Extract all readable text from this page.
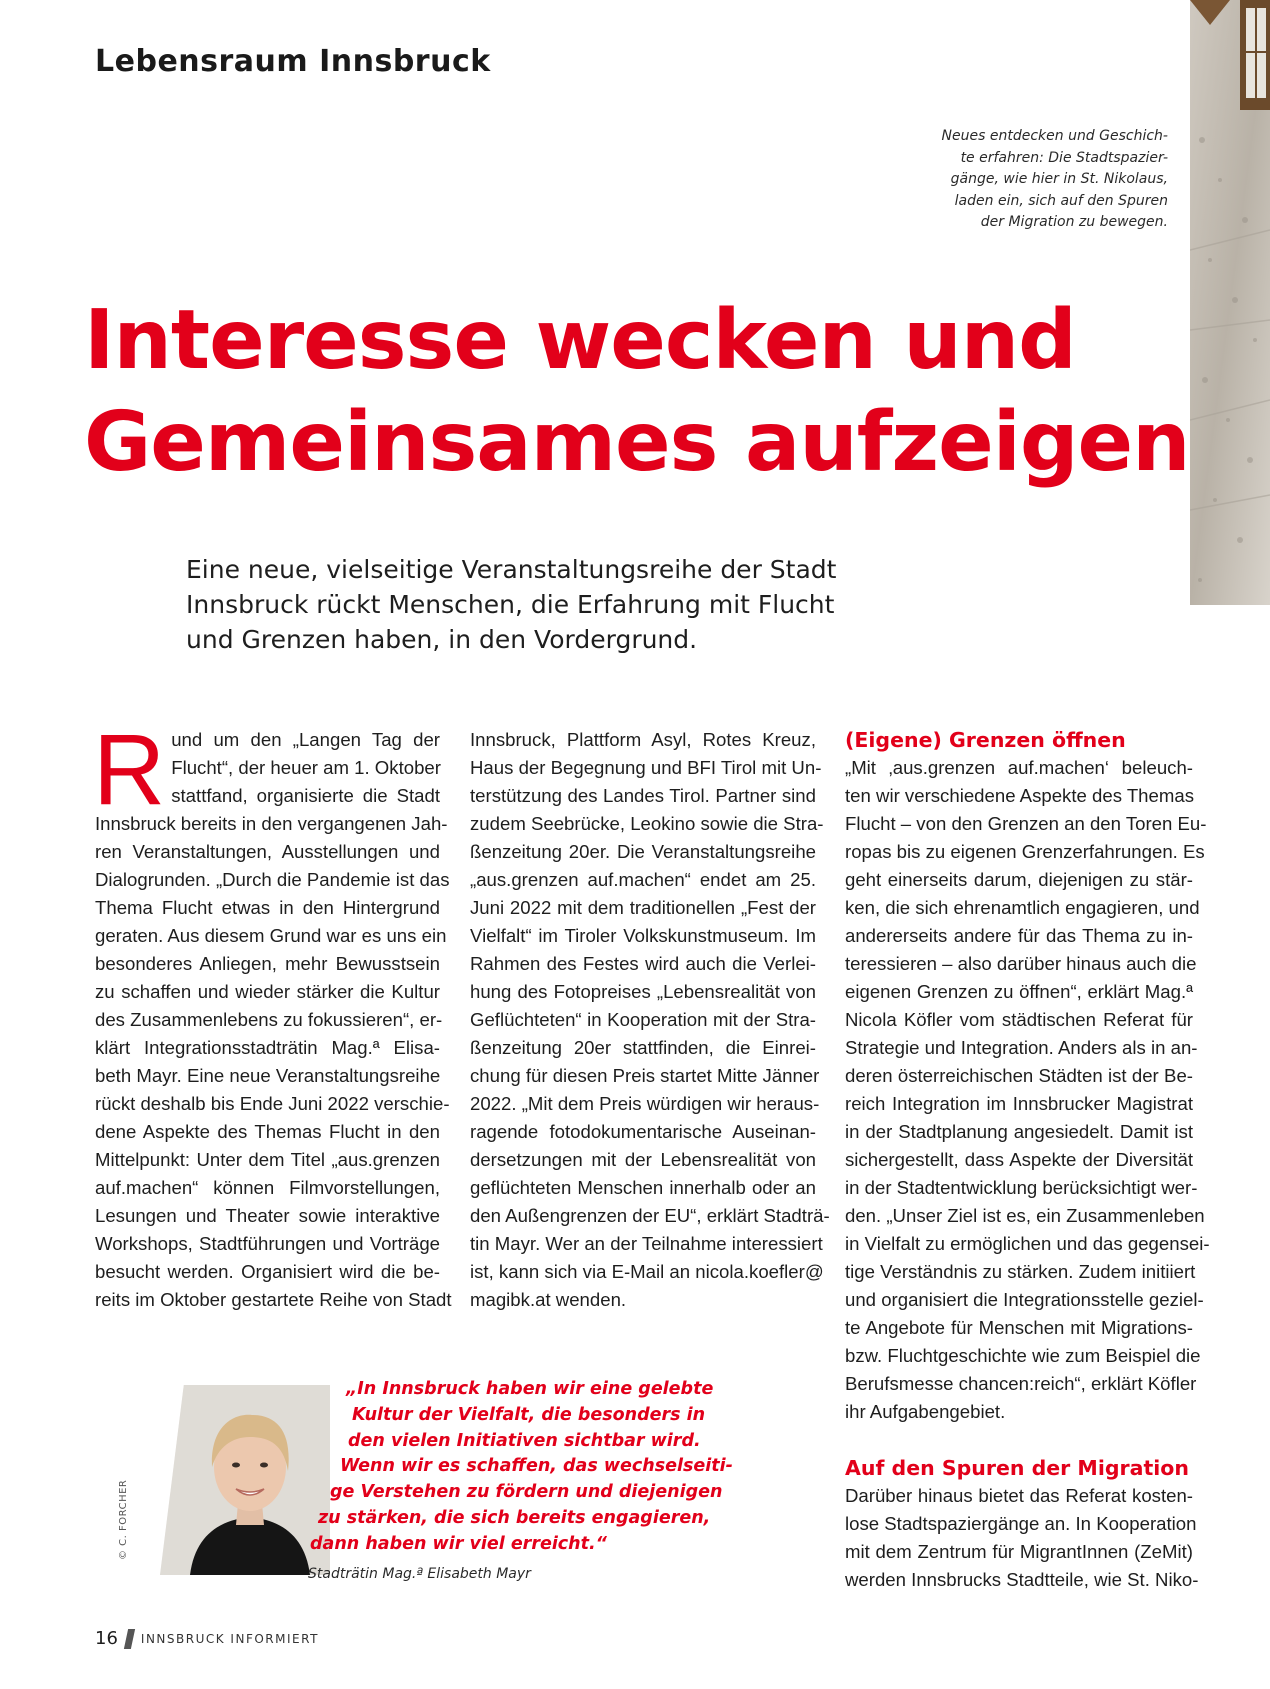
Lebensraum Innsbruck
Neues entdecken und Geschich-
te erfahren: Die Stadtspazier-
gänge, wie hier in St. Nikolaus,
laden ein, sich auf den Spuren
der Migration zu bewegen.
Interesse wecken und
Gemeinsames aufzeigen
Eine neue, vielseitige Veranstaltungsreihe der Stadt
Innsbruck rückt Menschen, die Erfahrung mit Flucht
und Grenzen haben, in den Vordergrund.
R und um den „Langen Tag der
Flucht“, der heuer am 1. Oktober
stattfand, organisierte die Stadt
Innsbruck bereits in den vergangenen Jah-
ren Veranstaltungen, Ausstellungen und
Dialogrunden. „Durch die Pandemie ist das
Thema Flucht etwas in den Hintergrund
geraten. Aus diesem Grund war es uns ein
besonderes Anliegen, mehr Bewusstsein
zu schaffen und wieder stärker die Kultur
des Zusammenlebens zu fokussieren“, er-
klärt Integrationsstadträtin Mag.ª Elisa-
beth Mayr. Eine neue Veranstaltungsreihe
rückt deshalb bis Ende Juni 2022 verschie-
dene Aspekte des Themas Flucht in den
Mittelpunkt: Unter dem Titel „aus.grenzen
auf.machen“ können Filmvorstellungen,
Lesungen und Theater sowie interaktive
Workshops, Stadtführungen und Vorträge
besucht werden. Organisiert wird die be-
reits im Oktober gestartete Reihe von Stadt
Innsbruck, Plattform Asyl, Rotes Kreuz,
Haus der Begegnung und BFI Tirol mit Un-
terstützung des Landes Tirol. Partner sind
zudem Seebrücke, Leokino sowie die Stra-
ßenzeitung 20er. Die Veranstaltungsreihe
„aus.grenzen auf.machen“ endet am 25.
Juni 2022 mit dem traditionellen „Fest der
Vielfalt“ im Tiroler Volkskunstmuseum. Im
Rahmen des Festes wird auch die Verlei-
hung des Fotopreises „Lebensrealität von
Geflüchteten“ in Kooperation mit der Stra-
ßenzeitung 20er stattfinden, die Einrei-
chung für diesen Preis startet Mitte Jänner
2022. „Mit dem Preis würdigen wir heraus-
ragende fotodokumentarische Auseinan-
dersetzungen mit der Lebensrealität von
geflüchteten Menschen innerhalb oder an
den Außengrenzen der EU“, erklärt Stadträ-
tin Mayr. Wer an der Teilnahme interessiert
ist, kann sich via E-Mail an nicola.koefler@
magibk.at wenden.
(Eigene) Grenzen öffnen
„Mit ‚aus.grenzen auf.machen‘ beleuch-
ten wir verschiedene Aspekte des Themas
Flucht – von den Grenzen an den Toren Eu-
ropas bis zu eigenen Grenzerfahrungen. Es
geht einerseits darum, diejenigen zu stär-
ken, die sich ehrenamtlich engagieren, und
andererseits andere für das Thema zu in-
teressieren – also darüber hinaus auch die
eigenen Grenzen zu öffnen“, erklärt Mag.ª
Nicola Köfler vom städtischen Referat für
Strategie und Integration. Anders als in an-
deren österreichischen Städten ist der Be-
reich Integration im Innsbrucker Magistrat
in der Stadtplanung angesiedelt. Damit ist
sichergestellt, dass Aspekte der Diversität
in der Stadtentwicklung berücksichtigt wer-
den. „Unser Ziel ist es, ein Zusammenleben
in Vielfalt zu ermöglichen und das gegensei-
tige Verständnis zu stärken. Zudem initiiert
und organisiert die Integrationsstelle geziel-
te Angebote für Menschen mit Migrations-
bzw. Fluchtgeschichte wie zum Beispiel die
Berufsmesse chancen:reich“, erklärt Köfler
ihr Aufgabengebiet.
Auf den Spuren der Migration
Darüber hinaus bietet das Referat kosten-
lose Stadtspaziergänge an. In Kooperation
mit dem Zentrum für MigrantInnen (ZeMit)
werden Innsbrucks Stadtteile, wie St. Niko-
© C. FORCHER
„In Innsbruck haben wir eine gelebte
Kultur der Vielfalt, die besonders in
den vielen Initiativen sichtbar wird.
Wenn wir es schaffen, das wechselseiti-
ge Verstehen zu fördern und diejenigen
zu stärken, die sich bereits engagieren,
dann haben wir viel erreicht.“
Stadträtin Mag.ª Elisabeth Mayr
16 INNSBRUCK INFORMIERT
